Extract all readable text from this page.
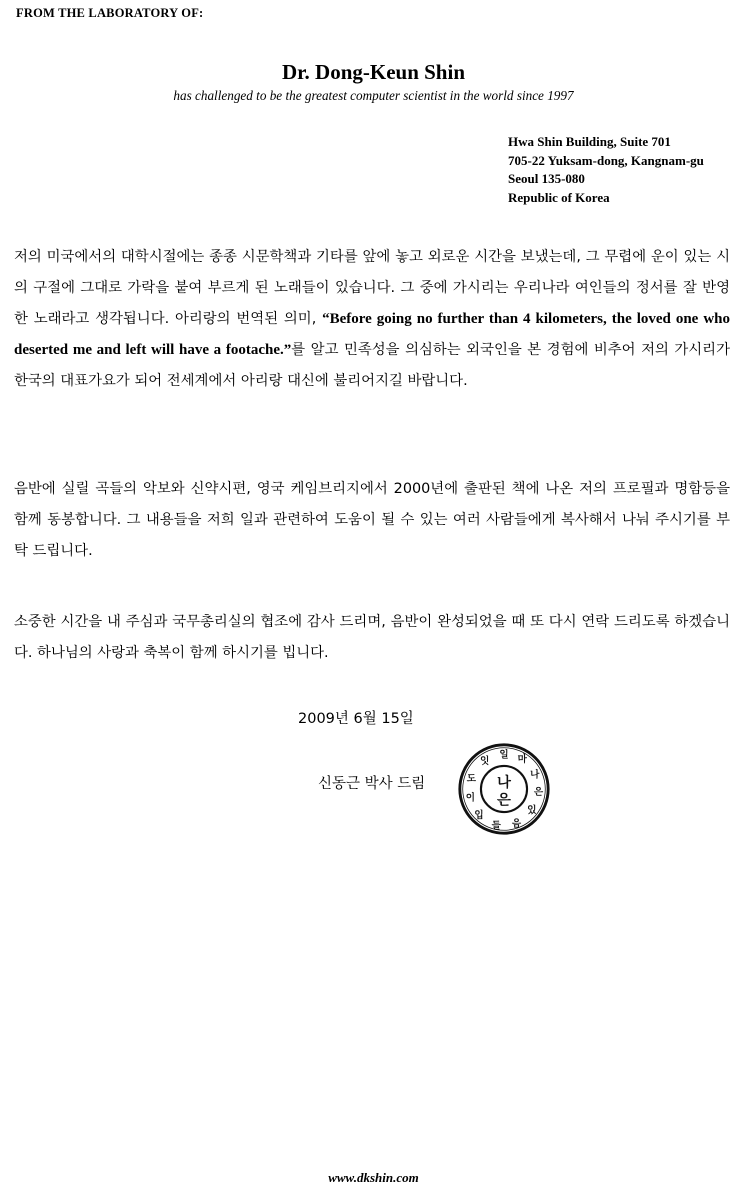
FROM THE LABORATORY OF:
Dr. Dong-Keun Shin
has challenged to be the greatest computer scientist in the world since 1997
Hwa Shin Building, Suite 701
705-22 Yuksam-dong, Kangnam-gu
Seoul 135-080
Republic of Korea
저의 미국에서의 대학시절에는 종종 시문학책과 기타를 앞에 놓고 외로운 시간을 보냈는데, 그 무렵에 운이 있는 시의 구절에 그대로 가락을 붙여 부르게 된 노래들이 있습니다. 그 중에 가시리는 우리나라 여인들의 정서를 잘 반영한 노래라고 생각됩니다. 아리랑의 번역된 의미, “Before going no further than 4 kilometers, the loved one who deserted me and left will have a footache.”를 알고 민족성을 의심하는 외국인을 본 경험에 비추어 저의 가시리가 한국의 대표가요가 되어 전세계에서 아리랑 대신에 불리어지길 바랍니다.
음반에 실릴 곡들의 악보와 신약시편, 영국 케임브리지에서 2000년에 출판된 책에 나온 저의 프로필과 명함등을 함께 동봉합니다. 그 내용들을 저희 일과 관련하여 도움이 될 수 있는 여러 사람들에게 복사해서 나눠 주시기를 부탁 드립니다.
소중한 시간을 내 주심과 국무총리실의 협조에 감사 드리며, 음반이 완성되었을 때 또 다시 연락 드리도록 하겠습니다. 하나님의 사랑과 축복이 함께 하시기를 빕니다.
2009년 6월 15일
신동근 박사 드림	나
은
일 마
나
은
있
음
들
입
이
도
잇
www.dkshin.com
